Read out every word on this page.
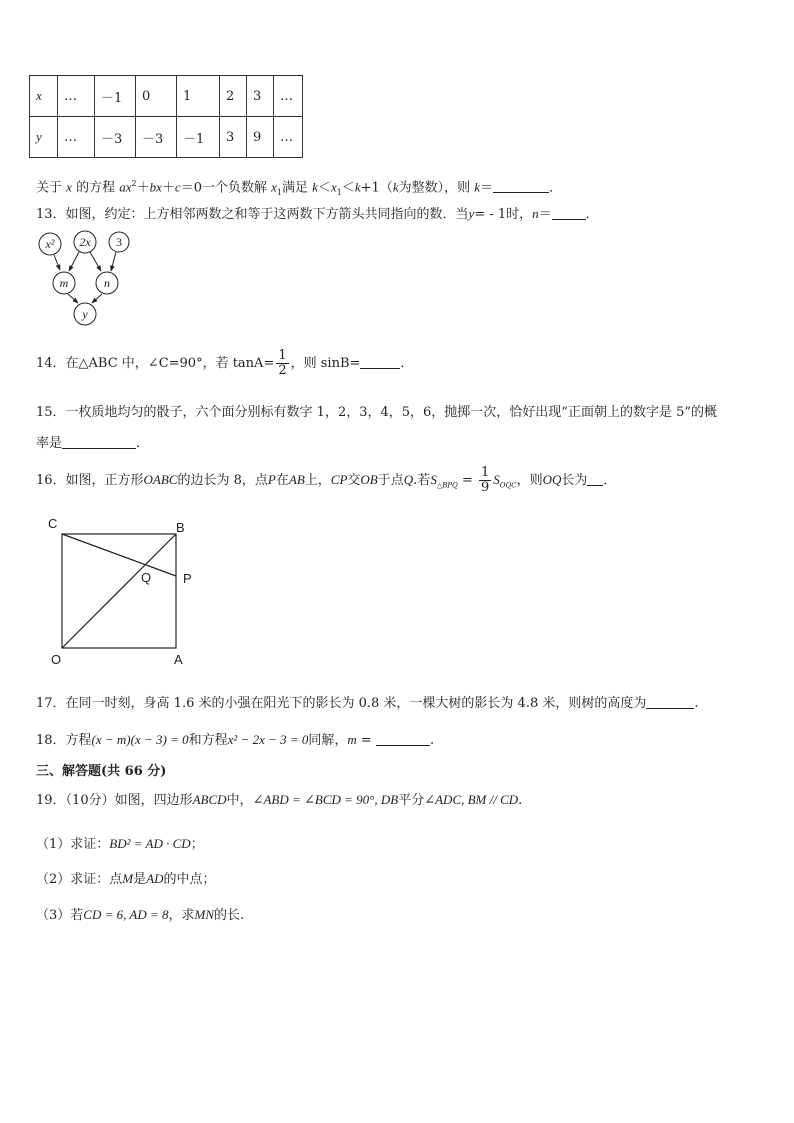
x	…	－1	0	1	2	3	…
y	…	－3	－3	－1	3	9	…
关于 x 的方程 $ax^2+bx+c=0$一个负数解 $x_1$满足 $k<x_1<k+1(k$为整数），则 k＝	．
13．如图，约定：上方相邻两数之和等于这两数下方箭头共同指向的数．当y= - 1时，n＝	．
x² 2x 3
m	n
y
14．在△ABC 中，∠C=90°，若 $\tan A= \frac{1}{2}$ ，则 sinB=	．
15．一枚质地均匀的骰子，六个面分别标有数字 1，2，3，4，5，6，抛掷一次，恰好出现“正面朝上的数字是 5”的概
率是	．
16．如图，正方形OABC的边长为 8，点P在AB上，CP交OB于点Q.若$S_{\triangle BPQ} = \frac{1}{9} S_{OQC}$，则OQ长为 ．
C	B
Q P
O	A
17．在同一时刻，身高 1.6 米的小强在阳光下的影长为 0.8 米，一棵大树的影长为 4.8 米，则树的高度为	.
18．方程(x − m)(x − 3) = 0和方程x² − 2x − 3 = 0同解，m =	.
三、解答题(共 66 分)
19．（10分）如图，四边形ABCD中，∠ABD = ∠BCD = 90°, DB平分∠ADC, BM // CD.
（1）求证：BD² = AD · CD；
（2）求证：点M是AD的中点；
（3）若CD = 6, AD = 8，求MN的长.
